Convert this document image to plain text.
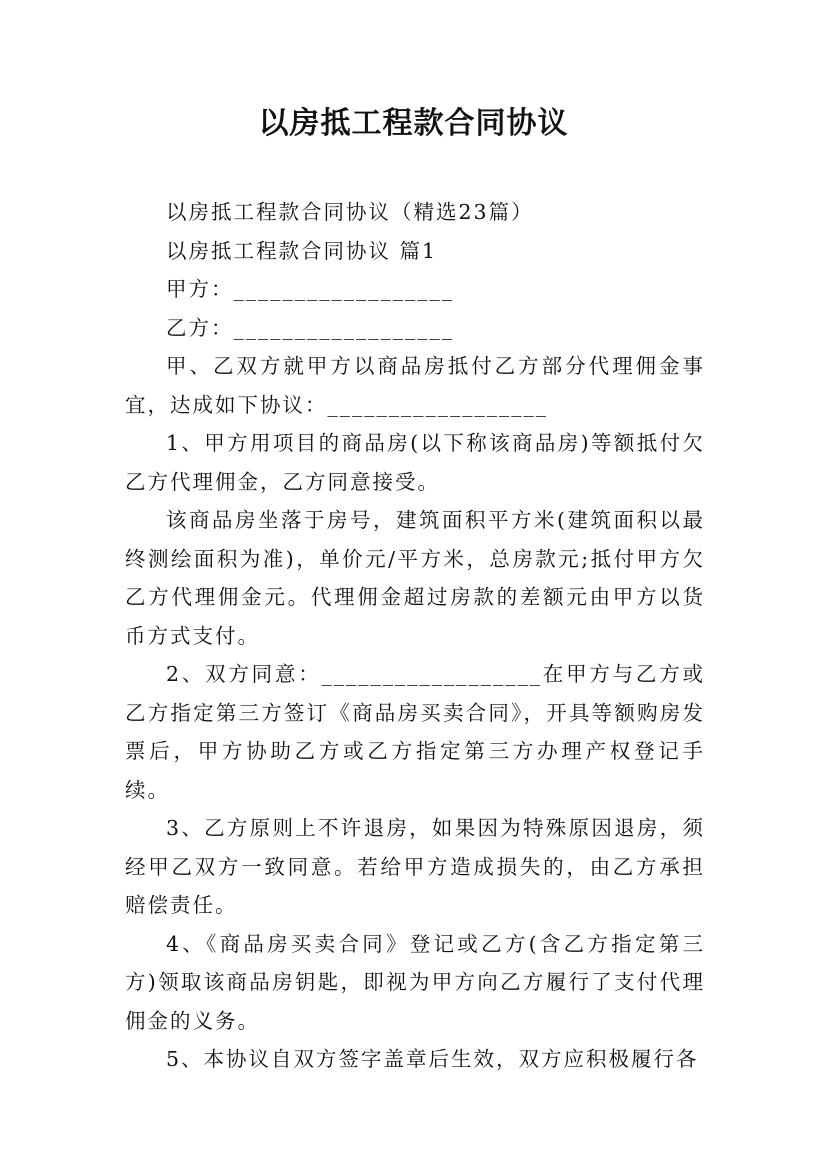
以房抵工程款合同协议

以房抵工程款合同协议（精选23篇）

以房抵工程款合同协议 篇1

甲方：__________________

乙方：__________________

甲、乙双方就甲方以商品房抵付乙方部分代理佣金事宜，达成如下协议：__________________

1、甲方用项目的商品房(以下称该商品房)等额抵付欠乙方代理佣金，乙方同意接受。

该商品房坐落于房号，建筑面积平方米(建筑面积以最终测绘面积为准)，单价元/平方米，总房款元;抵付甲方欠乙方代理佣金元。代理佣金超过房款的差额元由甲方以货币方式支付。

2、双方同意：__________________在甲方与乙方或乙方指定第三方签订《商品房买卖合同》，开具等额购房发票后，甲方协助乙方或乙方指定第三方办理产权登记手续。

3、乙方原则上不许退房，如果因为特殊原因退房，须经甲乙双方一致同意。若给甲方造成损失的，由乙方承担赔偿责任。

4、《商品房买卖合同》登记或乙方(含乙方指定第三方)领取该商品房钥匙，即视为甲方向乙方履行了支付代理佣金的义务。

5、本协议自双方签字盖章后生效，双方应积极履行各
